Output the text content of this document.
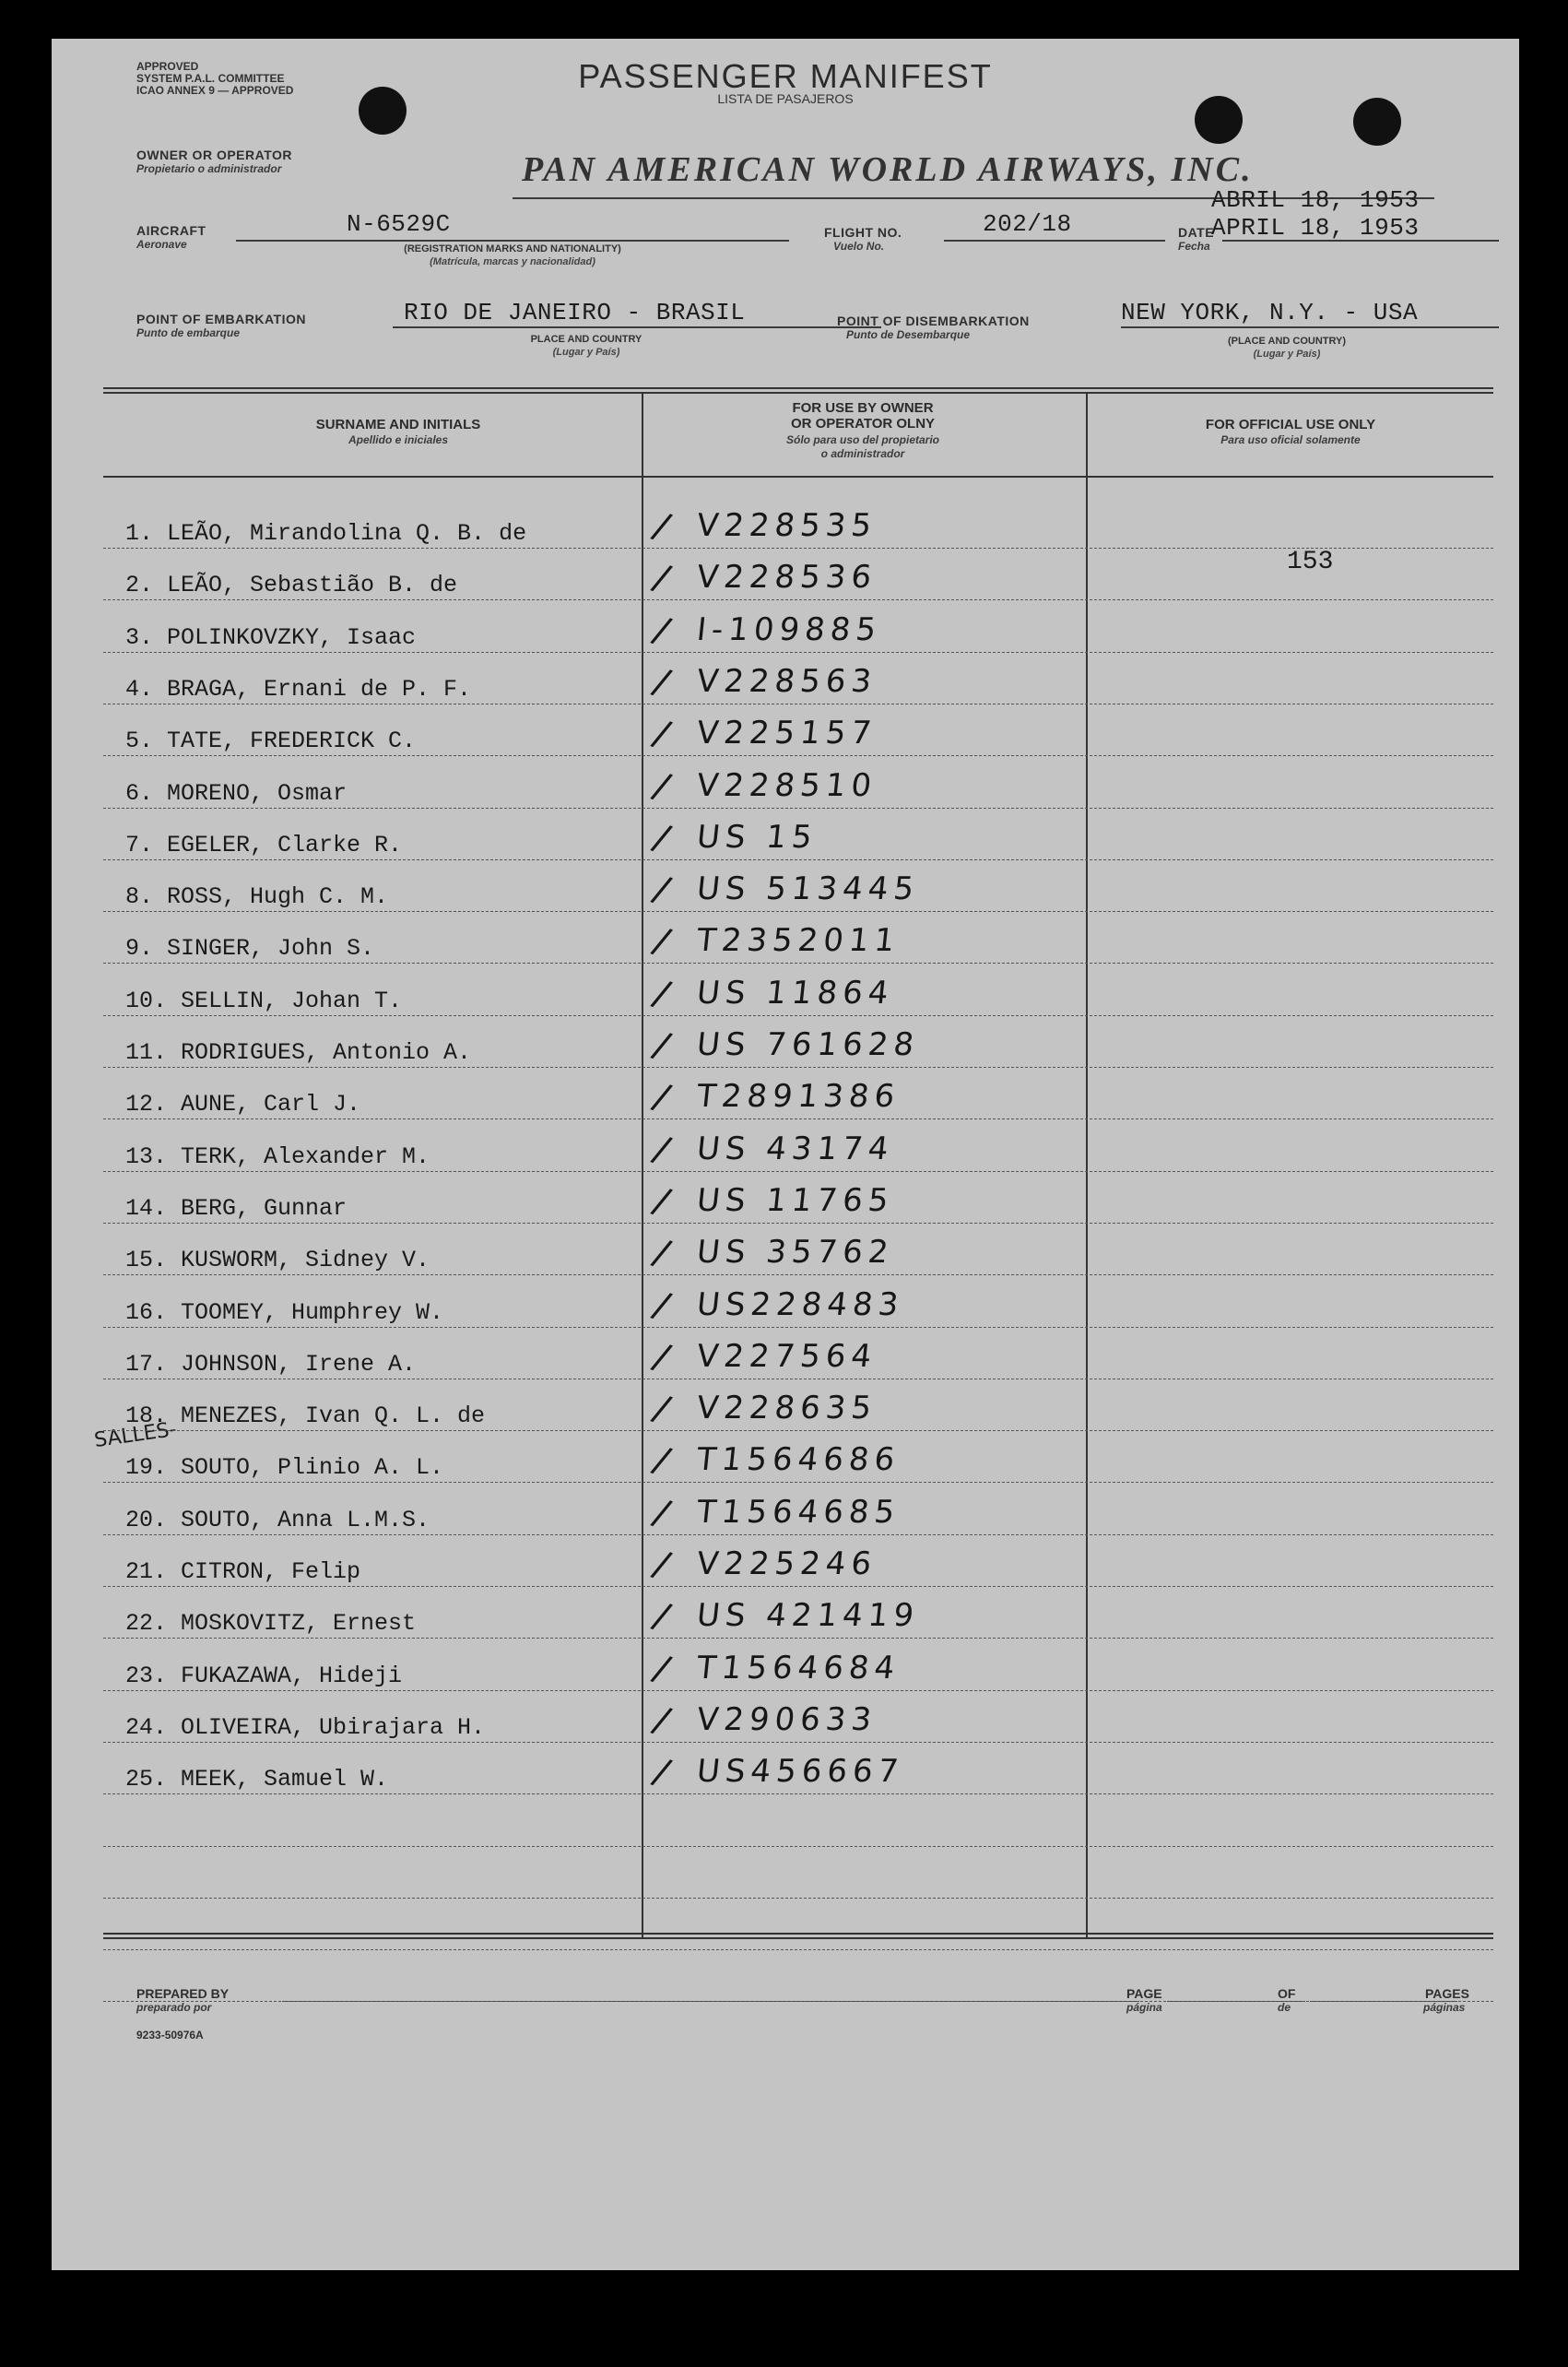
APPROVED
SYSTEM P.A.L. COMMITTEE
ICAO ANNEX 9 — APPROVED	PASSENGER MANIFEST
LISTA DE PASAJEROS
OWNER OR OPERATOR
Propietario o administrador	PAN AMERICAN WORLD AIRWAYS, INC.
ABRIL 18, 1953
AIRCRAFT
Aeronave
N-6529C
(REGISTRATION MARKS AND NATIONALITY)
(Matrícula, marcas y nacionalidad)
FLIGHT NO.
Vuelo No.
202/18	DATE
Fecha
APRIL 18, 1953
POINT OF EMBARKATION
Punto de embarque
RIO DE JANEIRO - BRASIL
PLACE AND COUNTRY
(Lugar y País)
POINT OF DISEMBARKATION
Punto de Desembarque
NEW YORK, N.Y. - USA
(PLACE AND COUNTRY)
(Lugar y País)
SURNAME AND INITIALS
Apellido e iniciales
FOR USE BY OWNER
OR OPERATOR OLNY
Sólo para uso del propietario
o administrador
FOR OFFICIAL USE ONLY
Para uso oficial solamente
1. LEÃO, Mirandolina Q. B. de	/ V228535
2. LEÃO, Sebastião B. de	/ V228536
3. POLINKOVZKY, Isaac	/ I-109885
4. BRAGA, Ernani de P. F.	/ V228563
5. TATE, FREDERICK C.	/ V225157
6. MORENO, Osmar	/ V228510
7. EGELER, Clarke R.	/ US 15
8. ROSS, Hugh C. M.	/ US 513445
9. SINGER, John S.	/ T2352011
10. SELLIN, Johan T.	/ US 11864
11. RODRIGUES, Antonio A.	/ US 761628
12. AUNE, Carl J.	/ T2891386
13. TERK, Alexander M.	/ US 43174
14. BERG, Gunnar	/ US 11765
15. KUSWORM, Sidney V.	/ US 35762
16. TOOMEY, Humphrey W.	/ US228483
17. JOHNSON, Irene A.	/ V227564
18. MENEZES, Ivan Q. L. de	/ V228635
19. SOUTO, Plinio A. L.	/ T1564686
20. SOUTO, Anna L.M.S.	/ T1564685
21. CITRON, Felip	/ V225246
22. MOSKOVITZ, Ernest	/ US 421419
23. FUKAZAWA, Hideji	/ T1564684
24. OLIVEIRA, Ubirajara H.	/ V290633
25. MEEK, Samuel W.	/ US456667
153
SALLES-
PREPARED BY
preparado por
PAGE
página
OF
de
PAGES
páginas
9233-50976A
